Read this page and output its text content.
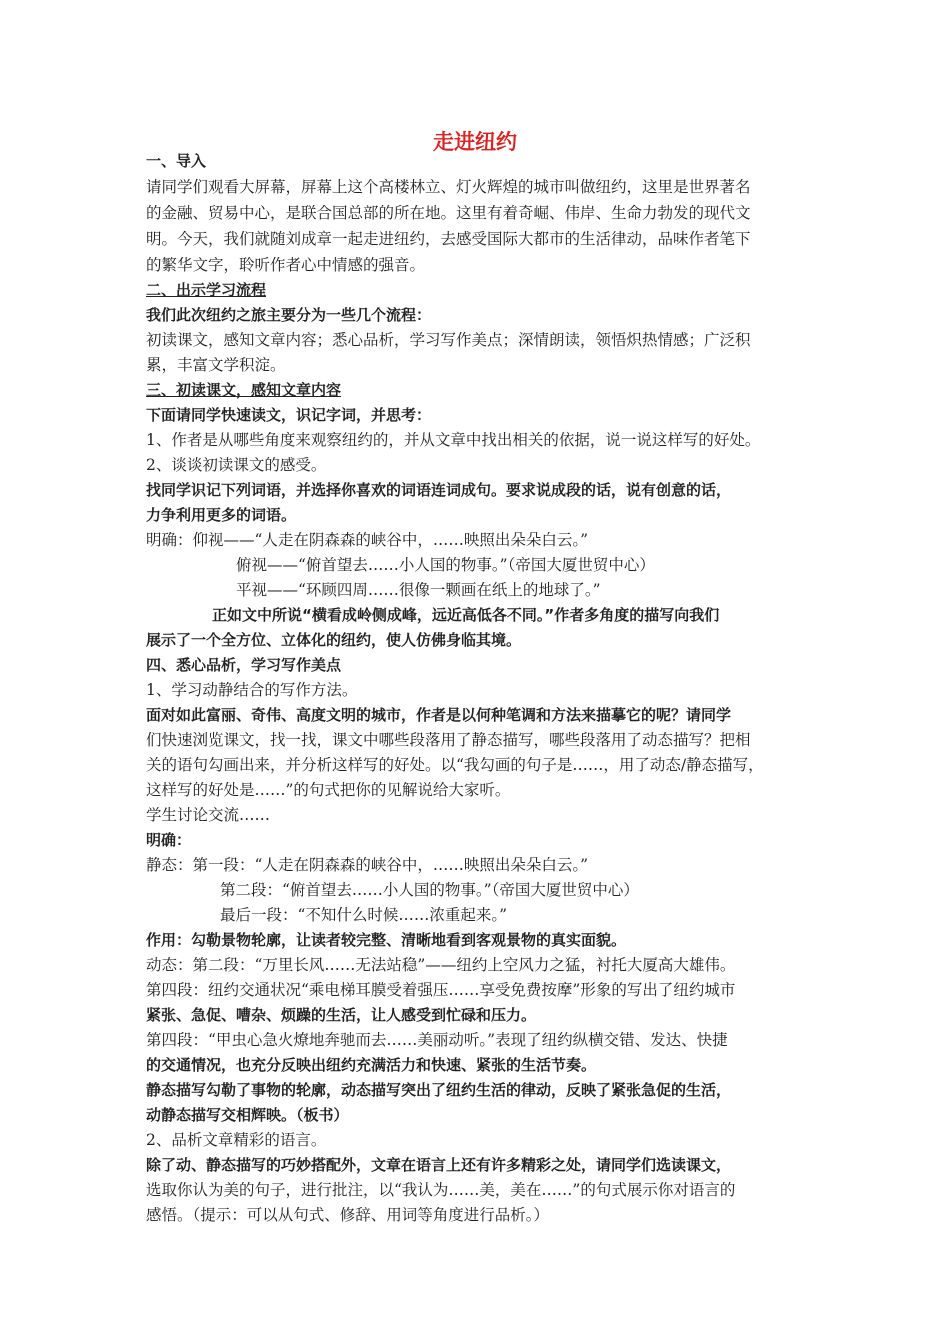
走进纽约
一、导入
请同学们观看大屏幕，屏幕上这个高楼林立、灯火辉煌的城市叫做纽约，这里是世界著名
的金融、贸易中心，是联合国总部的所在地。这里有着奇崛、伟岸、生命力勃发的现代文
明。今天，我们就随刘成章一起走进纽约，去感受国际大都市的生活律动，品味作者笔下
的繁华文字，聆听作者心中情感的强音。
二、出示学习流程
我们此次纽约之旅主要分为一些几个流程：
初读课文，感知文章内容；悉心品析，学习写作美点；深情朗读，领悟炽热情感；广泛积
累，丰富文学积淀。
三、初读课文，感知文章内容
下面请同学快速读文，识记字词，并思考：
1、作者是从哪些角度来观察纽约的，并从文章中找出相关的依据，说一说这样写的好处。
2、谈谈初读课文的感受。
找同学识记下列词语，并选择你喜欢的词语连词成句。要求说成段的话，说有创意的话，
力争利用更多的词语。
明确：仰视——“人走在阴森森的峡谷中，……映照出朵朵白云。”
俯视——“俯首望去……小人国的物事。”（帝国大厦世贸中心）
平视——“环顾四周……很像一颗画在纸上的地球了。”
正如文中所说“横看成岭侧成峰，远近高低各不同。”作者多角度的描写向我们
展示了一个全方位、立体化的纽约，使人仿佛身临其境。
四、悉心品析，学习写作美点
1、学习动静结合的写作方法。
面对如此富丽、奇伟、高度文明的城市，作者是以何种笔调和方法来描摹它的呢？请同学
们快速浏览课文，找一找，课文中哪些段落用了静态描写，哪些段落用了动态描写？把相
关的语句勾画出来，并分析这样写的好处。以“我勾画的句子是……，用了动态/静态描写，
这样写的好处是……”的句式把你的见解说给大家听。
学生讨论交流……
明确：
静态：第一段：“人走在阴森森的峡谷中，……映照出朵朵白云。”
第二段：“俯首望去……小人国的物事。”（帝国大厦世贸中心）
最后一段：“不知什么时候……浓重起来。”
作用：勾勒景物轮廓，让读者较完整、清晰地看到客观景物的真实面貌。
动态：第二段：“万里长风……无法站稳”——纽约上空风力之猛，衬托大厦高大雄伟。
第四段：纽约交通状况“乘电梯耳膜受着强压……享受免费按摩”形象的写出了纽约城市
紧张、急促、嘈杂、烦躁的生活，让人感受到忙碌和压力。
第四段：“甲虫心急火燎地奔驰而去……美丽动听。”表现了纽约纵横交错、发达、快捷
的交通情况，也充分反映出纽约充满活力和快速、紧张的生活节奏。
静态描写勾勒了事物的轮廓，动态描写突出了纽约生活的律动，反映了紧张急促的生活，
动静态描写交相辉映。（板书）
2、品析文章精彩的语言。
除了动、静态描写的巧妙搭配外，文章在语言上还有许多精彩之处，请同学们选读课文，
选取你认为美的句子，进行批注，以“我认为……美，美在……”的句式展示你对语言的
感悟。（提示：可以从句式、修辞、用词等角度进行品析。）
